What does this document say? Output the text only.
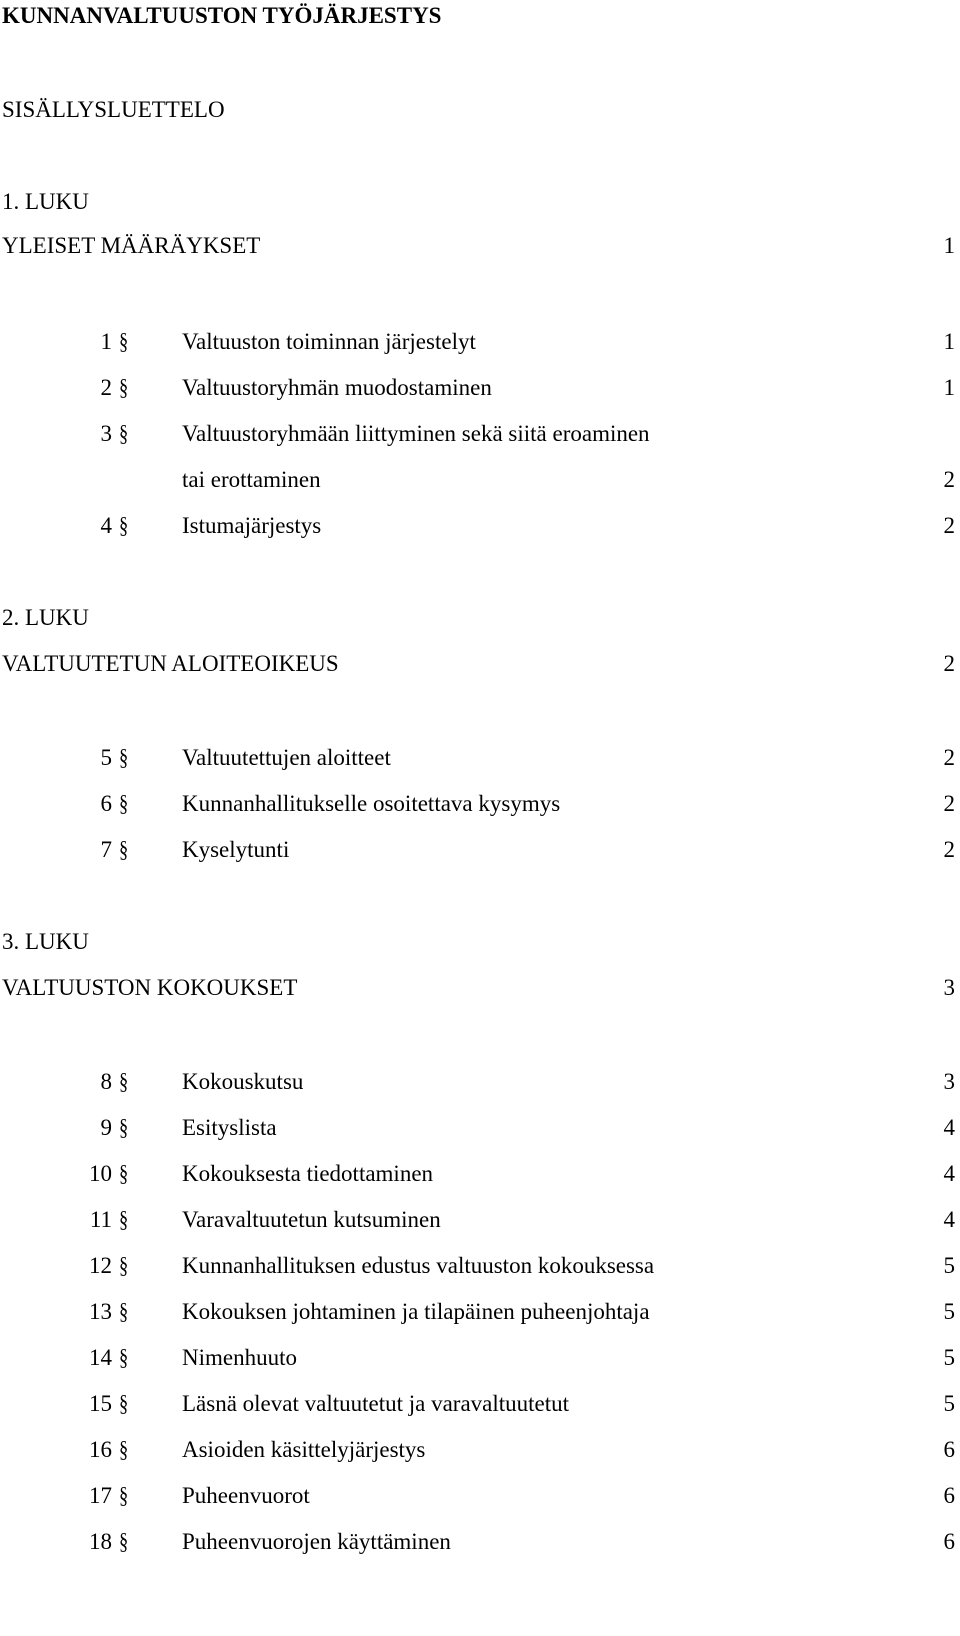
KUNNANVALTUUSTON TYÖJÄRJESTYS
SISÄLLYSLUETTELO
1. LUKU
YLEISET MÄÄRÄYKSET	1
1 § Valtuuston toiminnan järjestelyt	1
2 § Valtuustoryhmän muodostaminen	1
3 § Valtuustoryhmään liittyminen sekä siitä eroaminen
tai erottaminen	2
4 § Istumajärjestys	2
2. LUKU
VALTUUTETUN ALOITEOIKEUS	2
5 § Valtuutettujen aloitteet	2
6 § Kunnanhallitukselle osoitettava kysymys	2
7 § Kyselytunti	2
3. LUKU
VALTUUSTON KOKOUKSET	3
8 § Kokouskutsu	3
9 § Esityslista	4
10 § Kokouksesta tiedottaminen	4
11 § Varavaltuutetun kutsuminen	4
12 § Kunnanhallituksen edustus valtuuston kokouksessa	5
13 § Kokouksen johtaminen ja tilapäinen puheenjohtaja	5
14 § Nimenhuuto	5
15 § Läsnä olevat valtuutetut ja varavaltuutetut	5
16 § Asioiden käsittelyjärjestys	6
17 § Puheenvuorot	6
18 § Puheenvuorojen käyttäminen	6
